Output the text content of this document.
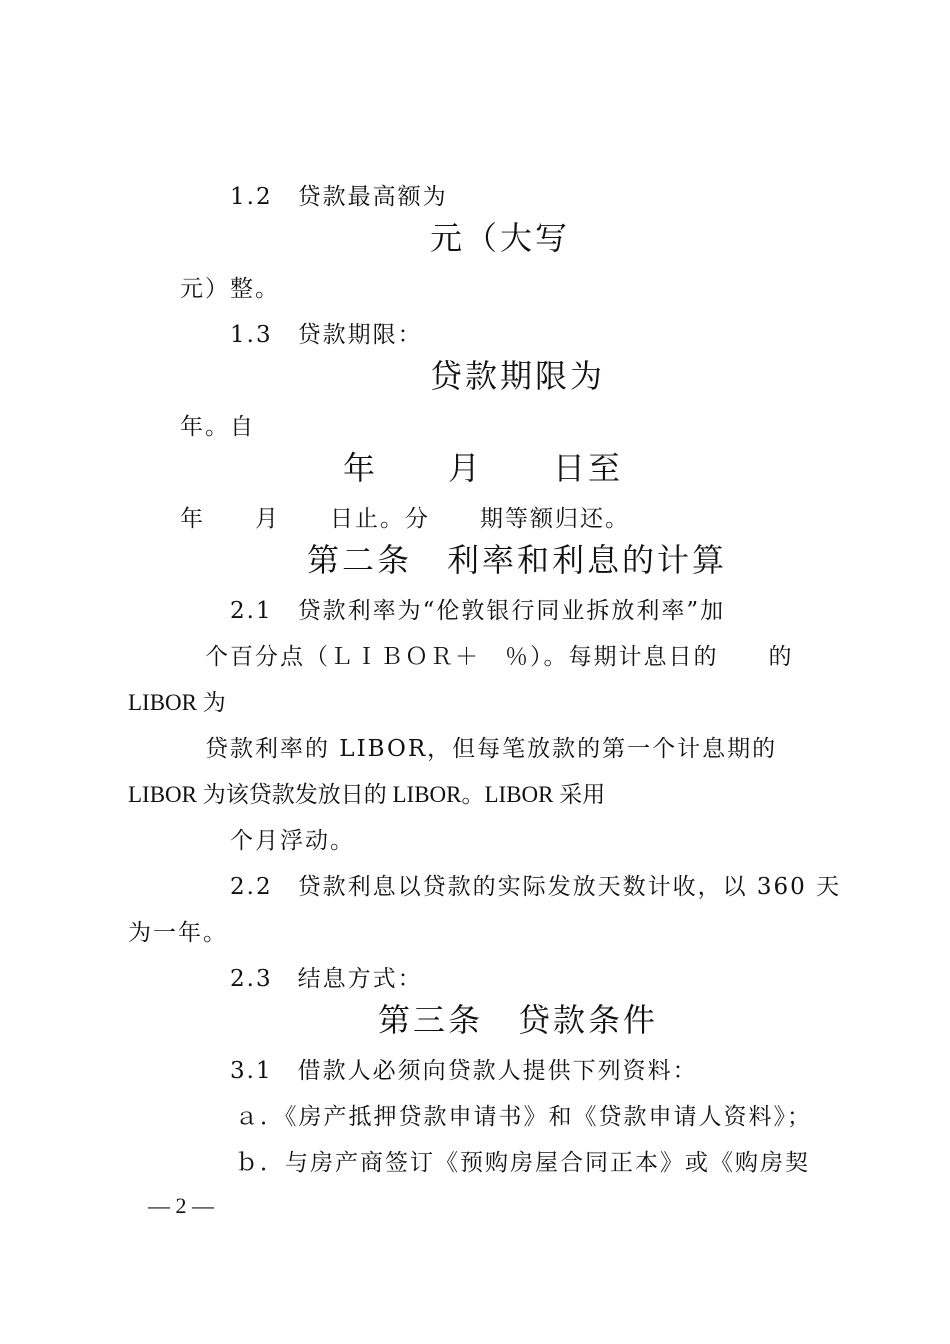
1.2　贷款最高额为
元（大写
元）整。
1.3　贷款期限：
贷款期限为
年。自
年　　月　　日至
年　　月　　日止。分　　期等额归还。
第二条　利率和利息的计算
2.1　贷款利率为“伦敦银行同业拆放利率”加
个百分点（ＬＩＢＯＲ＋　％）。每期计息日的　　的
LIBOR 为
贷款利率的 LIBOR，但每笔放款的第一个计息期的
LIBOR 为该贷款发放日的 LIBOR。LIBOR 采用
个月浮动。
2.2　贷款利息以贷款的实际发放天数计收，以 360 天
为一年。
2.3　结息方式：
第三条　贷款条件
3.1　借款人必须向贷款人提供下列资料：
ａ．《房产抵押贷款申请书》和《贷款申请人资料》；
ｂ．与房产商签订《预购房屋合同正本》或《购房契
— 2 —
